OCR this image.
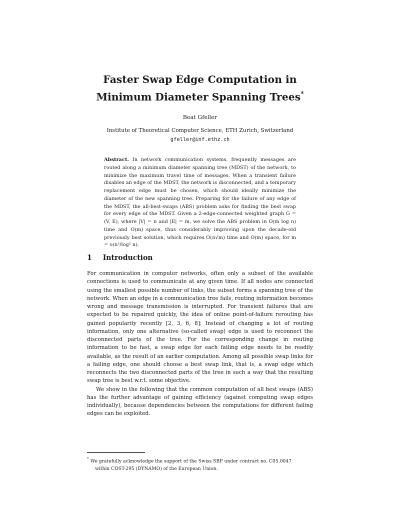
Faster Swap Edge Computation in
Minimum Diameter Spanning Trees*
Beat Gfeller
Institute of Theoretical Computer Science, ETH Zurich, Switzerland
gfeller@inf.ethz.ch
Abstract. In network communication systems, frequently messages are routed along a minimum diameter spanning tree (MDST) of the network, to minimize the maximum travel time of messages. When a transient failure disables an edge of the MDST, the network is disconnected, and a temporary replacement edge must be chosen, which should ideally minimize the diameter of the new spanning tree. Preparing for the failure of any edge of the MDST, the all-best-swaps (ABS) problem asks for finding the best swap for every edge of the MDST. Given a 2-edge-connected weighted graph G = (V, E), where |V| = n and |E| = m, we solve the ABS problem in O(m log n) time and O(m) space, thus considerably improving upon the decade-old previously best solution, which requires O(n√m) time and O(m) space, for m = o(n²/log² n).
1 Introduction

For communication in computer networks, often only a subset of the available connections is used to communicate at any given time. If all nodes are connected using the smallest possible number of links, the subset forms a spanning tree of the network. When an edge in a communication tree fails, routing information becomes wrong and message transmission is interrupted. For transient failures that are expected to be repaired quickly, the idea of online point-of-failure rerouting has gained popularity recently [2, 3, 6, 8]: Instead of changing a lot of routing information, only one alternative (so-called swap) edge is used to reconnect the disconnected parts of the tree. For the corresponding change in routing information to be fast, a swap edge for each failing edge needs to be readily available, as the result of an earlier computation. Among all possible swap links for a failing edge, one should choose a best swap link, that is, a swap edge which reconnects the two disconnected parts of the tree in such a way that the resulting swap tree is best w.r.t. some objective.

We show in the following that the common computation of all best swaps (ABS) has the further advantage of gaining efficiency (against computing swap edges individually), because dependencies between the computations for different failing edges can be exploited.

* We gratefully acknowledge the support of the Swiss SBF under contract no. C05.0047
within COST-295 (DYNAMO) of the European Union.
